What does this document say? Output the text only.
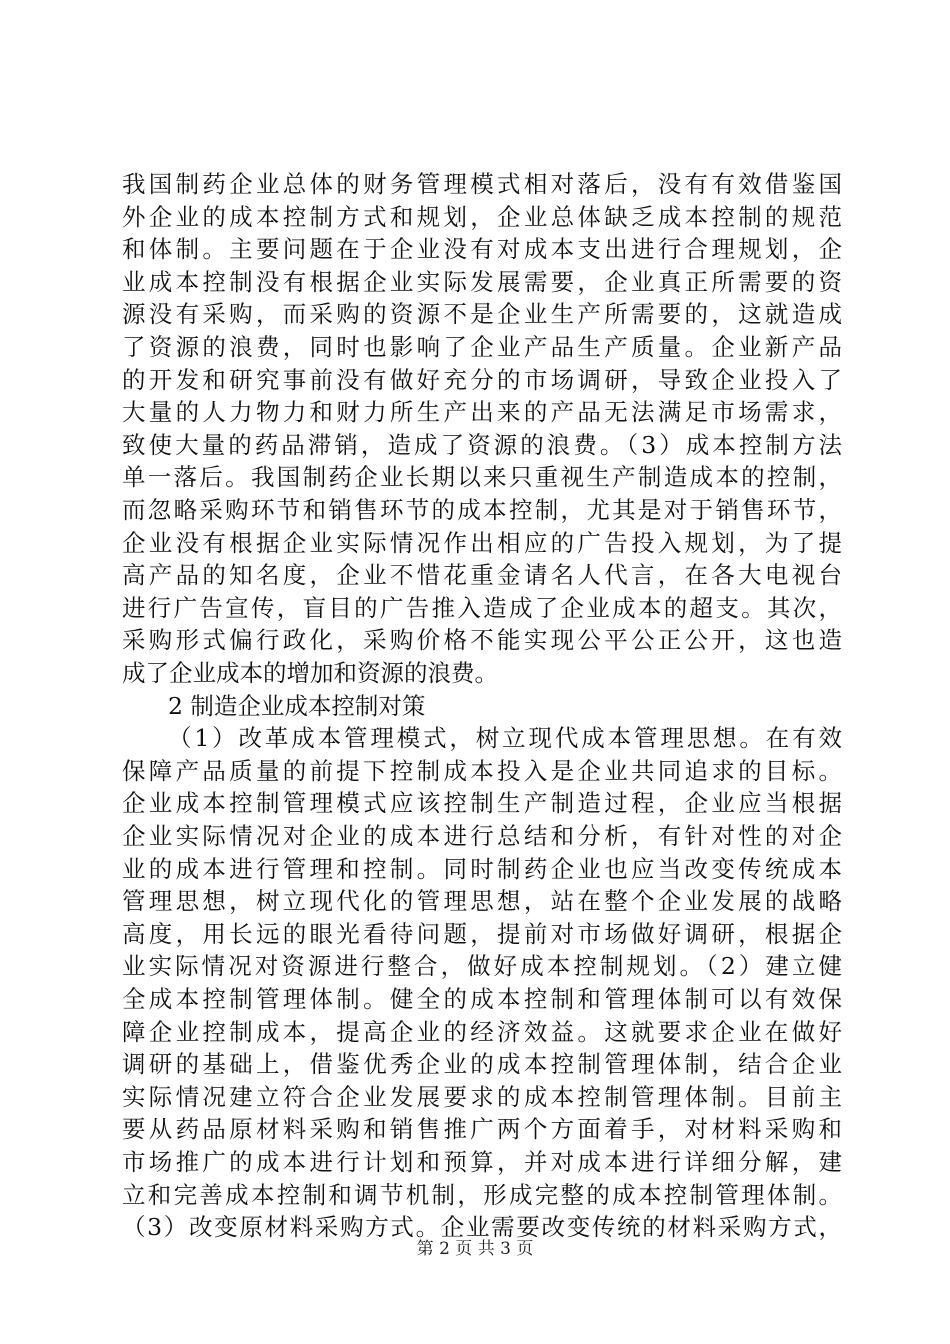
我国制药企业总体的财务管理模式相对落后，没有有效借鉴国
外企业的成本控制方式和规划，企业总体缺乏成本控制的规范
和体制。主要问题在于企业没有对成本支出进行合理规划，企
业成本控制没有根据企业实际发展需要，企业真正所需要的资
源没有采购，而采购的资源不是企业生产所需要的，这就造成
了资源的浪费，同时也影响了企业产品生产质量。企业新产品
的开发和研究事前没有做好充分的市场调研，导致企业投入了
大量的人力物力和财力所生产出来的产品无法满足市场需求，
致使大量的药品滞销，造成了资源的浪费。（3）成本控制方法
单一落后。我国制药企业长期以来只重视生产制造成本的控制，
而忽略采购环节和销售环节的成本控制，尤其是对于销售环节，
企业没有根据企业实际情况作出相应的广告投入规划，为了提
高产品的知名度，企业不惜花重金请名人代言，在各大电视台
进行广告宣传，盲目的广告推入造成了企业成本的超支。其次，
采购形式偏行政化，采购价格不能实现公平公正公开，这也造
成了企业成本的增加和资源的浪费。
2 制造企业成本控制对策
（1）改革成本管理模式，树立现代成本管理思想。在有效
保障产品质量的前提下控制成本投入是企业共同追求的目标。
企业成本控制管理模式应该控制生产制造过程，企业应当根据
企业实际情况对企业的成本进行总结和分析，有针对性的对企
业的成本进行管理和控制。同时制药企业也应当改变传统成本
管理思想，树立现代化的管理思想，站在整个企业发展的战略
高度，用长远的眼光看待问题，提前对市场做好调研，根据企
业实际情况对资源进行整合，做好成本控制规划。（2）建立健
全成本控制管理体制。健全的成本控制和管理体制可以有效保
障企业控制成本，提高企业的经济效益。这就要求企业在做好
调研的基础上，借鉴优秀企业的成本控制管理体制，结合企业
实际情况建立符合企业发展要求的成本控制管理体制。目前主
要从药品原材料采购和销售推广两个方面着手，对材料采购和
市场推广的成本进行计划和预算，并对成本进行详细分解，建
第 2 页 共 3 页
立和完善成本控制和调节机制，形成完整的成本控制管理体制。
（3）改变原材料采购方式。企业需要改变传统的材料采购方式，
